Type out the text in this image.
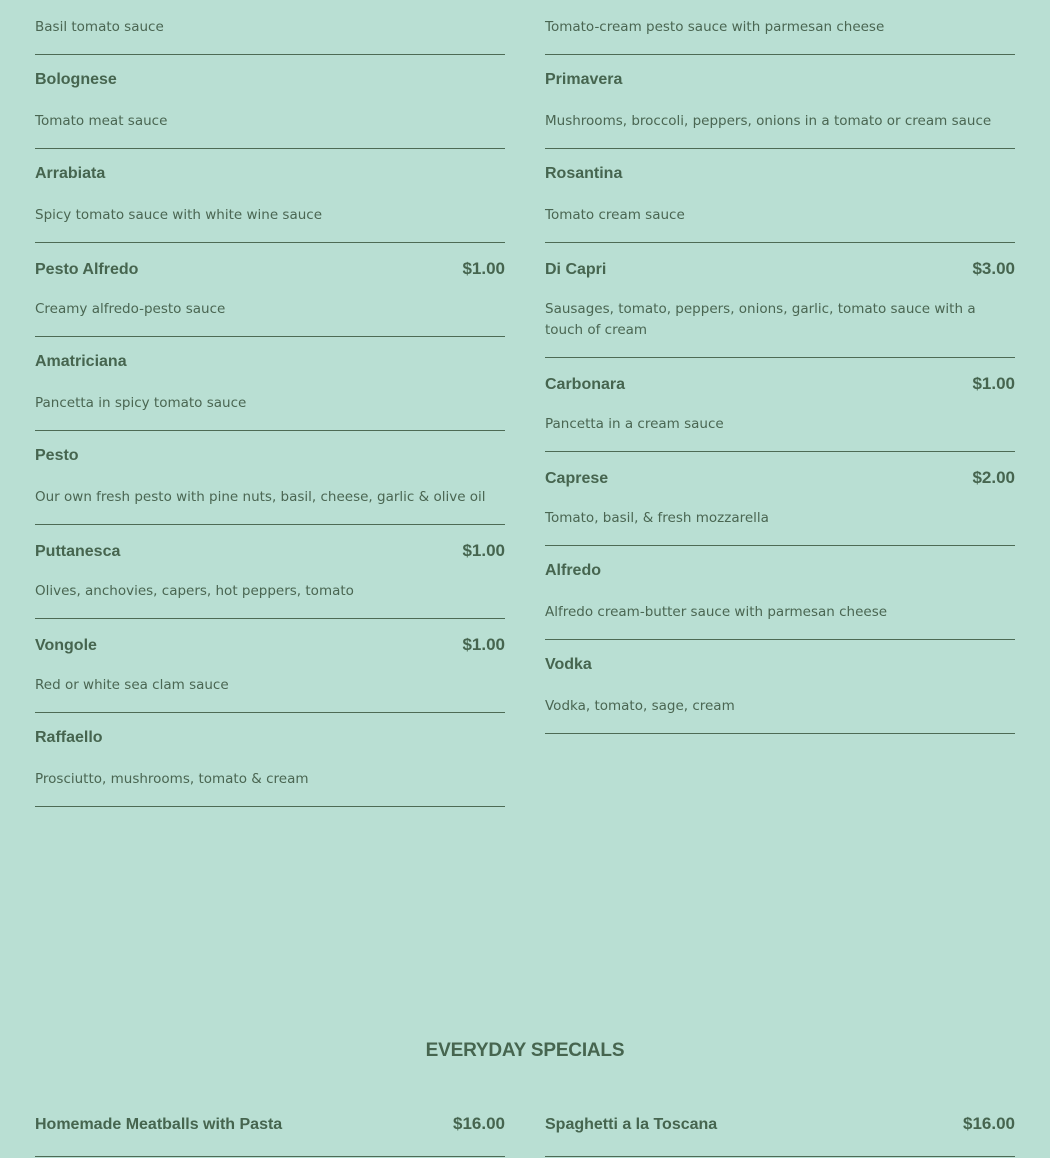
Basil tomato sauce
Bolognese
Tomato meat sauce
Arrabiata
Spicy tomato sauce with white wine sauce
Pesto Alfredo	$1.00
Creamy alfredo-pesto sauce
Amatriciana
Pancetta in spicy tomato sauce
Pesto
Our own fresh pesto with pine nuts, basil, cheese, garlic & olive oil
Puttanesca	$1.00
Olives, anchovies, capers, hot peppers, tomato
Vongole	$1.00
Red or white sea clam sauce
Raffaello
Prosciutto, mushrooms, tomato & cream
Tomato-cream pesto sauce with parmesan cheese
Primavera
Mushrooms, broccoli, peppers, onions in a tomato or cream sauce
Rosantina
Tomato cream sauce
Di Capri	$3.00
Sausages, tomato, peppers, onions, garlic, tomato sauce with a touch of cream
Carbonara	$1.00
Pancetta in a cream sauce
Caprese	$2.00
Tomato, basil, & fresh mozzarella
Alfredo
Alfredo cream-butter sauce with parmesan cheese
Vodka
Vodka, tomato, sage, cream
EVERYDAY SPECIALS
Homemade Meatballs with Pasta	$16.00	Spaghetti a la Toscana	$16.00
